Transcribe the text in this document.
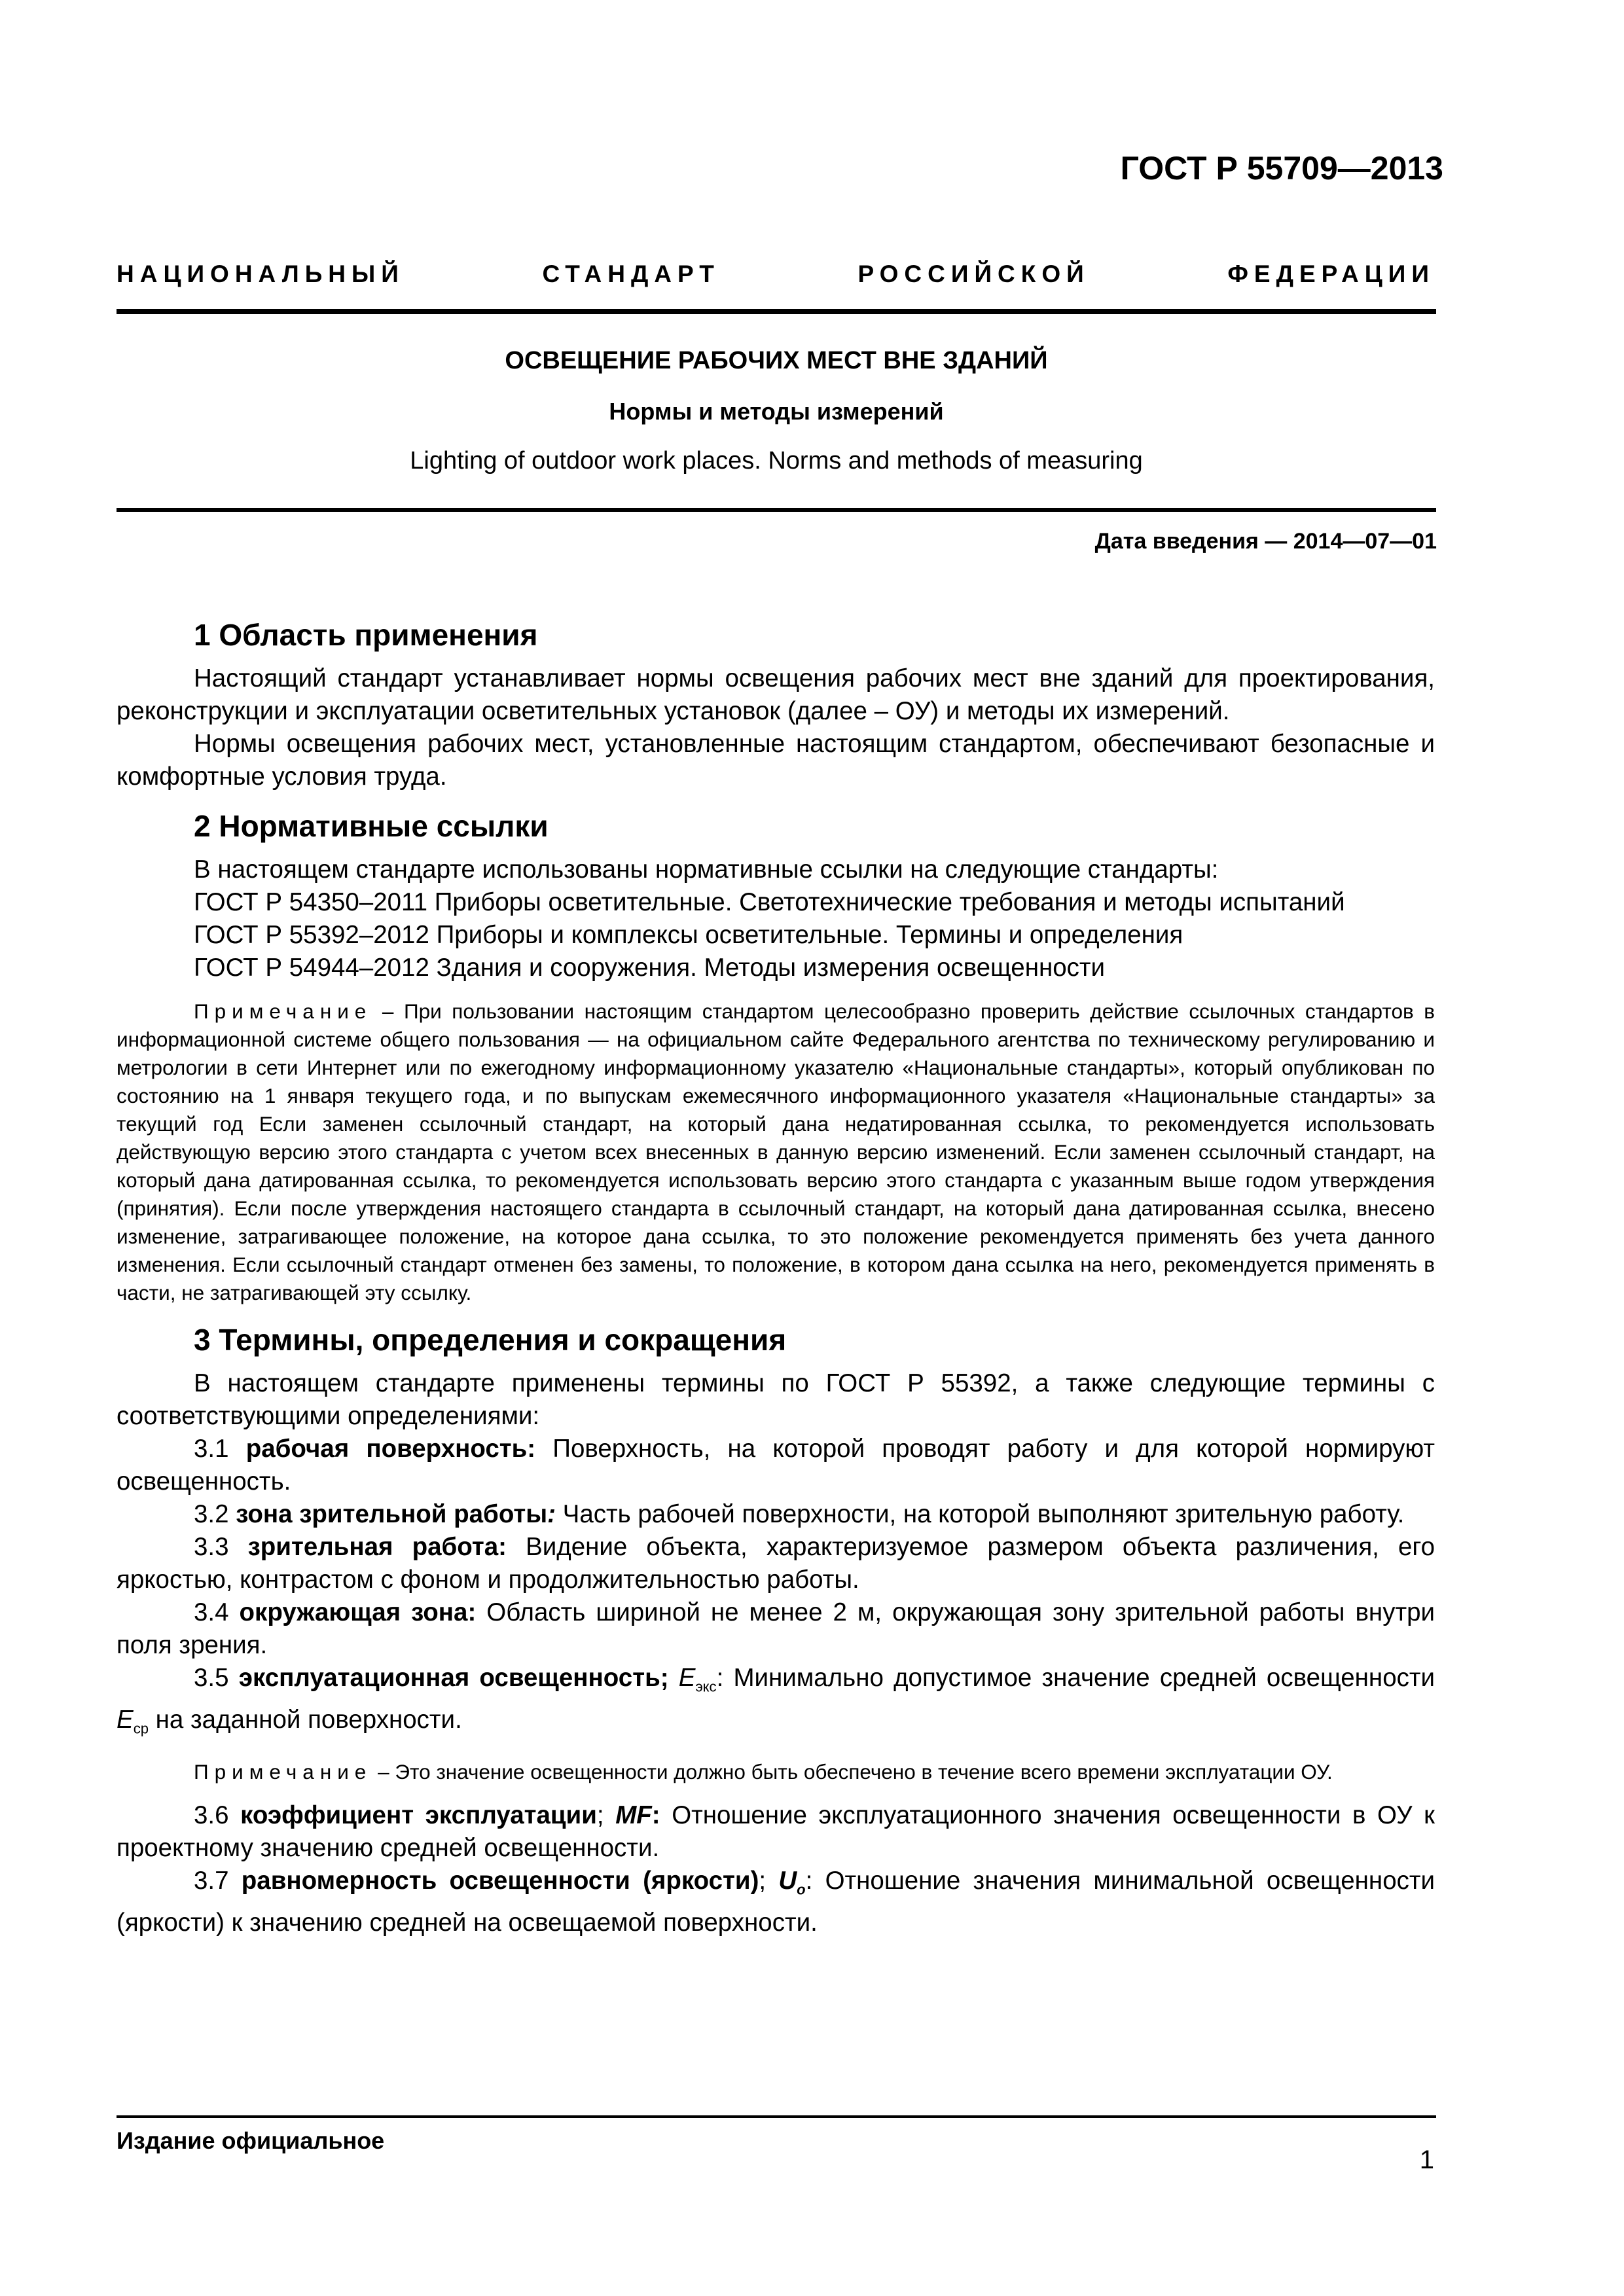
ГОСТ Р 55709—2013
НАЦИОНАЛЬНЫЙ	СТАНДАРТ	РОССИЙСКОЙ	ФЕДЕРАЦИИ
ОСВЕЩЕНИЕ РАБОЧИХ МЕСТ ВНЕ ЗДАНИЙ
Нормы и методы измерений
Lighting of outdoor work places. Norms and methods of measuring
Дата введения — 2014—07—01
1 Область применения

Настоящий стандарт устанавливает нормы освещения рабочих мест вне зданий для проектирования, реконструкции и эксплуатации осветительных установок (далее – ОУ) и методы их измерений.

Нормы освещения рабочих мест, установленные настоящим стандартом, обеспечивают безопасные и комфортные условия труда.

2 Нормативные ссылки

В настоящем стандарте использованы нормативные ссылки на следующие стандарты:

ГОСТ Р 54350–2011 Приборы осветительные. Светотехнические требования и методы испытаний

ГОСТ Р 55392–2012 Приборы и комплексы осветительные. Термины и определения

ГОСТ Р 54944–2012 Здания и сооружения. Методы измерения освещенности

Примечание – При пользовании настоящим стандартом целесообразно проверить действие ссылочных стандартов в информационной системе общего пользования — на официальном сайте Федерального агентства по техническому регулированию и метрологии в сети Интернет или по ежегодному информационному указателю «Национальные стандарты», который опубликован по состоянию на 1 января текущего года, и по выпускам ежемесячного информационного указателя «Национальные стандарты» за текущий год Если заменен ссылочный стандарт, на который дана недатированная ссылка, то рекомендуется использовать действующую версию этого стандарта с учетом всех внесенных в данную версию изменений. Если заменен ссылочный стандарт, на который дана датированная ссылка, то рекомендуется использовать версию этого стандарта с указанным выше годом утверждения (принятия). Если после утверждения настоящего стандарта в ссылочный стандарт, на который дана датированная ссылка, внесено изменение, затрагивающее положение, на которое дана ссылка, то это положение рекомендуется применять без учета данного изменения. Если ссылочный стандарт отменен без замены, то положение, в котором дана ссылка на него, рекомендуется применять в части, не затрагивающей эту ссылку.
3 Термины, определения и сокращения

В настоящем стандарте применены термины по ГОСТ Р 55392, а также следующие термины с соответствующими определениями:

3.1 рабочая поверхность: Поверхность, на которой проводят работу и для которой нормируют освещенность.

3.2 зона зрительной работы: Часть рабочей поверхности, на которой выполняют зрительную работу.

3.3 зрительная работа: Видение объекта, характеризуемое размером объекта различения, его яркостью, контрастом с фоном и продолжительностью работы.

3.4 окружающая зона: Область шириной не менее 2 м, окружающая зону зрительной работы внутри поля зрения.

3.5 эксплуатационная освещенность; $E_{экс}$: Минимально допустимое значение средней освещенности $E_{ср}$ на заданной поверхности.

Примечание – Это значение освещенности должно быть обеспечено в течение всего времени эксплуатации ОУ.

3.6 коэффициент эксплуатации; MF: Отношение эксплуатационного значения освещенности в ОУ к проектному значению средней освещенности.

3.7 равномерность освещенности (яркости); $U_o$: Отношение значения минимальной освещенности (яркости) к значению средней на освещаемой поверхности.

Издание официальное
1
